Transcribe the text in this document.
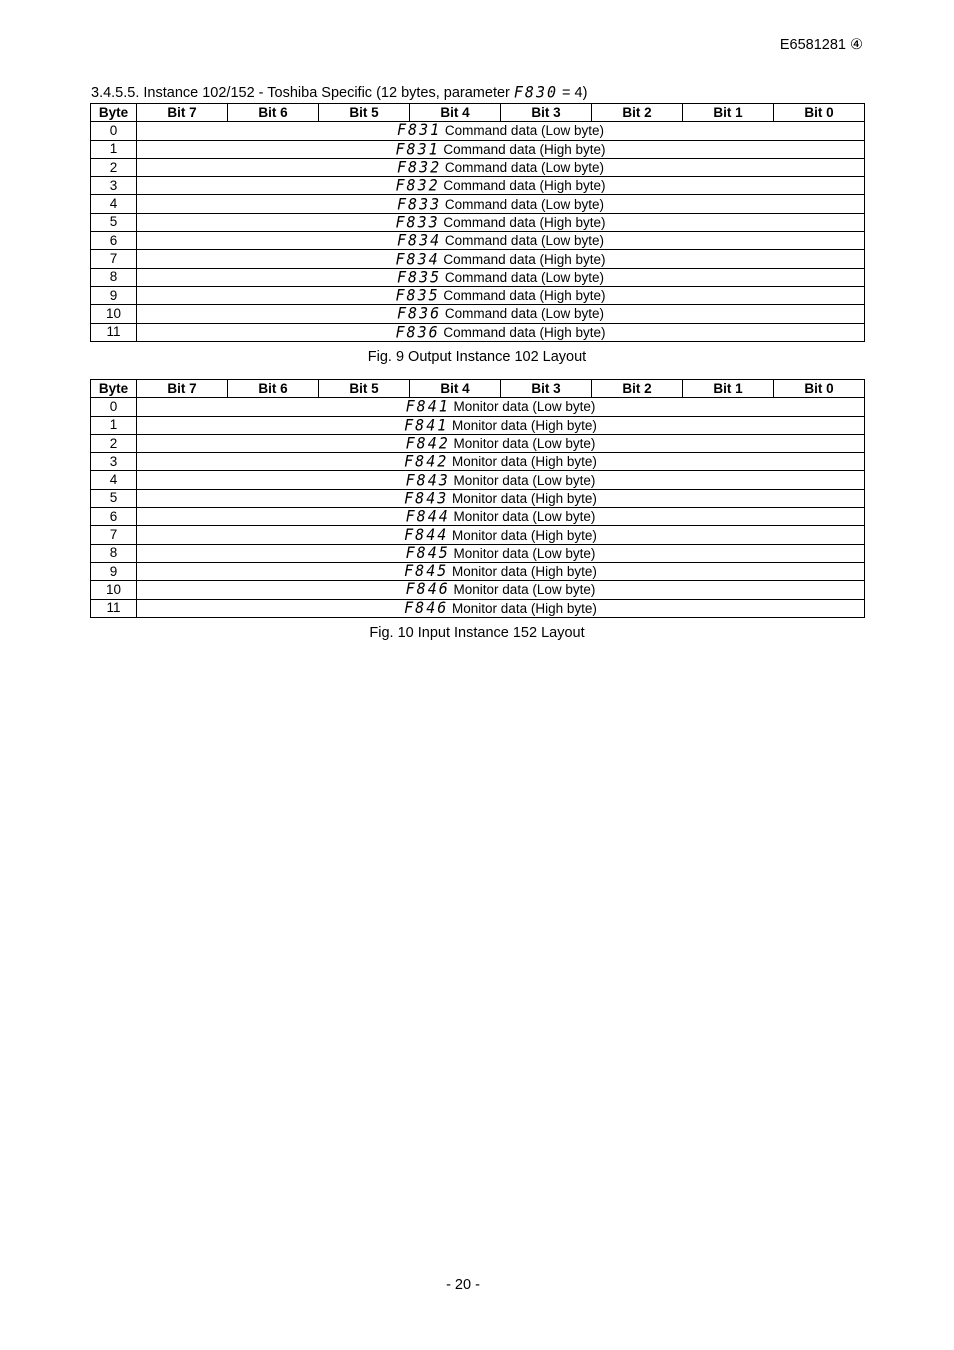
E6581281 ④
3.4.5.5. Instance 102/152 - Toshiba Specific (12 bytes, parameter F830 = 4)
Byte	Bit 7	Bit 6	Bit 5	Bit 4	Bit 3	Bit 2	Bit 1	Bit 0
0	F831 Command data (Low byte)							
1	F831 Command data (High byte)							
2	F832 Command data (Low byte)							
3	F832 Command data (High byte)							
4	F833 Command data (Low byte)							
5	F833 Command data (High byte)							
6	F834 Command data (Low byte)							
7	F834 Command data (High byte)							
8	F835 Command data (Low byte)							
9	F835 Command data (High byte)							
10	F836 Command data (Low byte)							
11	F836 Command data (High byte)							
Fig. 9 Output Instance 102 Layout
Byte	Bit 7	Bit 6	Bit 5	Bit 4	Bit 3	Bit 2	Bit 1	Bit 0
0	F841 Monitor data (Low byte)							
1	F841 Monitor data (High byte)							
2	F842 Monitor data (Low byte)							
3	F842 Monitor data (High byte)							
4	F843 Monitor data (Low byte)							
5	F843 Monitor data (High byte)							
6	F844 Monitor data (Low byte)							
7	F844 Monitor data (High byte)							
8	F845 Monitor data (Low byte)							
9	F845 Monitor data (High byte)							
10	F846 Monitor data (Low byte)							
11	F846 Monitor data (High byte)							
Fig. 10 Input Instance 152 Layout
- 20 -
